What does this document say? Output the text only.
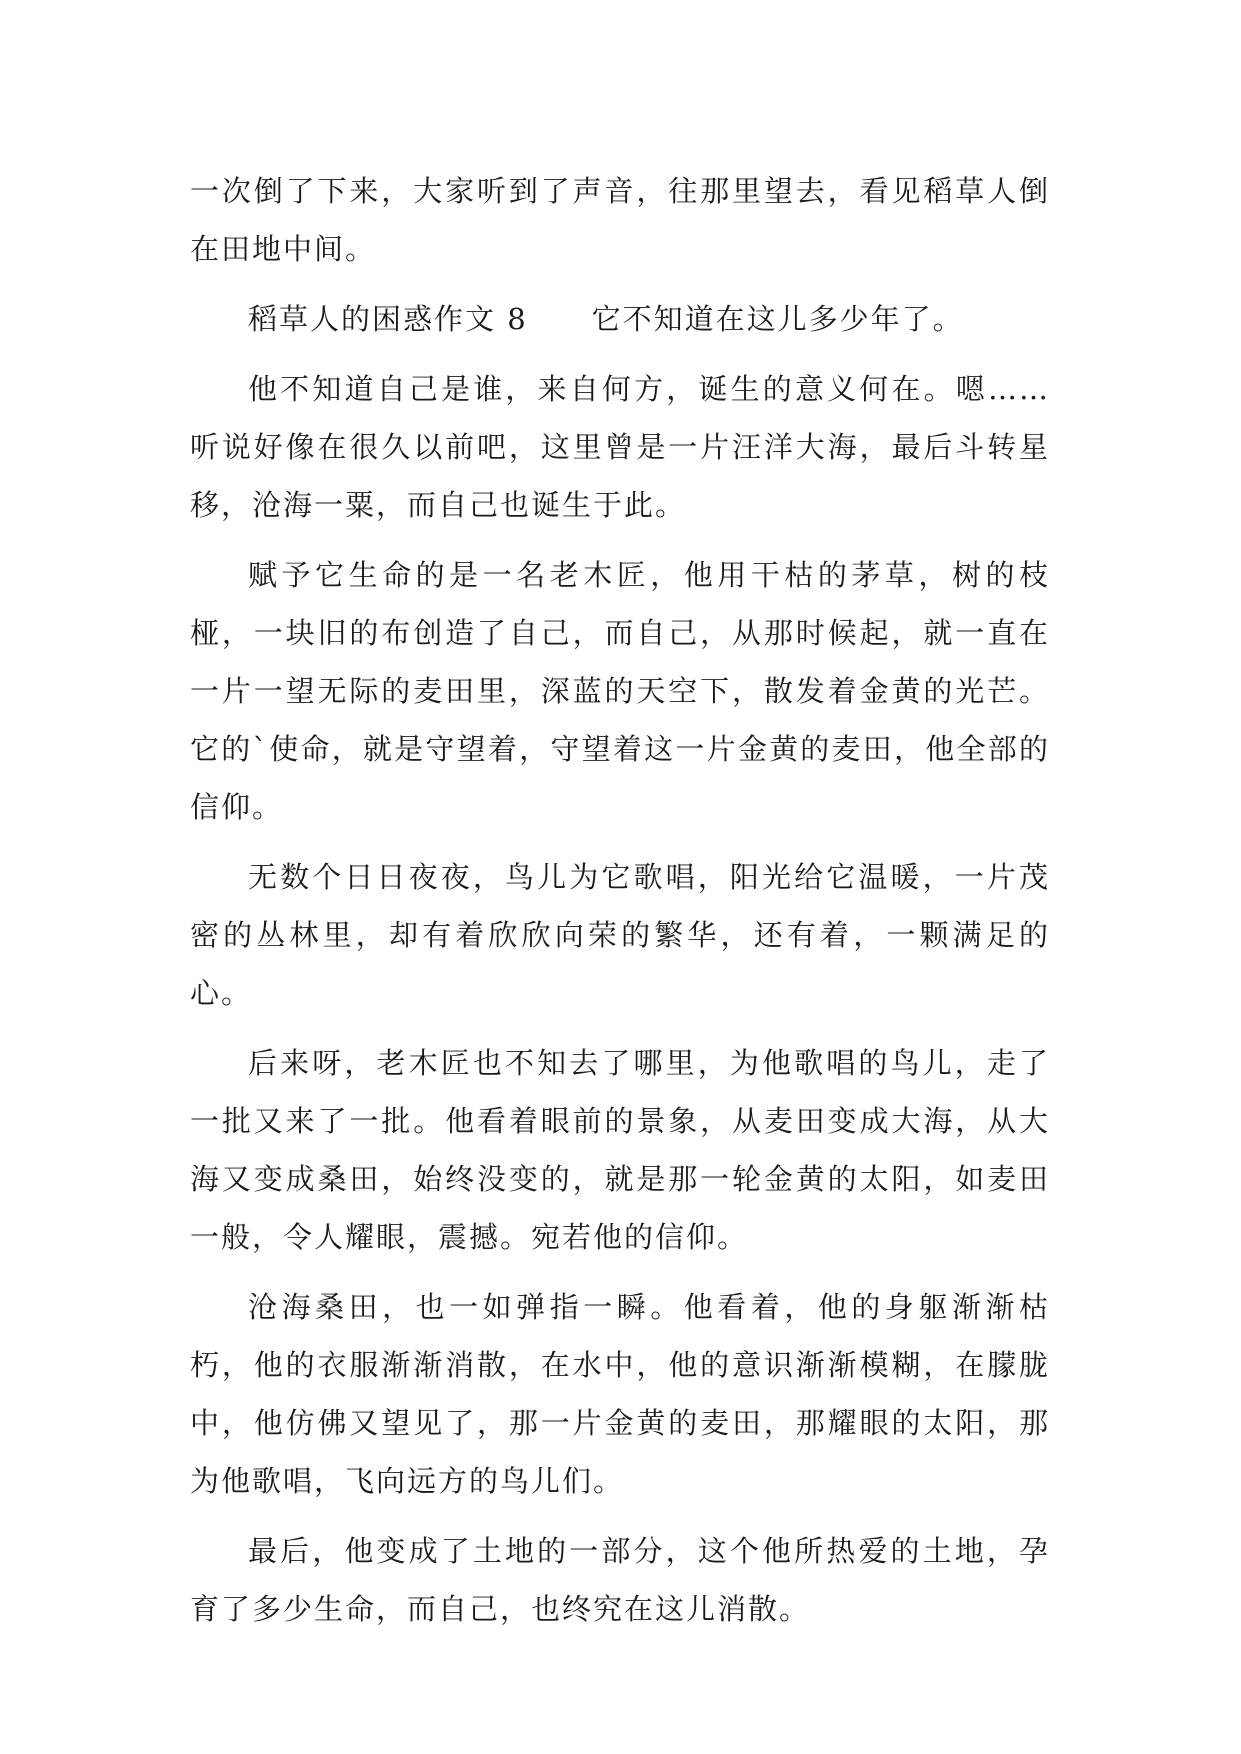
一次倒了下来，大家听到了声音，往那里望去，看见稻草人倒在田地中间。

稻草人的困惑作文 8 它不知道在这儿多少年了。

他不知道自己是谁，来自何方，诞生的意义何在。嗯……听说好像在很久以前吧，这里曾是一片汪洋大海，最后斗转星移，沧海一粟，而自己也诞生于此。

赋予它生命的是一名老木匠，他用干枯的茅草，树的枝桠，一块旧的布创造了自己，而自己，从那时候起，就一直在一片一望无际的麦田里，深蓝的天空下，散发着金黄的光芒。它的`使命，就是守望着，守望着这一片金黄的麦田，他全部的信仰。

无数个日日夜夜，鸟儿为它歌唱，阳光给它温暖，一片茂密的丛林里，却有着欣欣向荣的繁华，还有着，一颗满足的心。

后来呀，老木匠也不知去了哪里，为他歌唱的鸟儿，走了一批又来了一批。他看着眼前的景象，从麦田变成大海，从大海又变成桑田，始终没变的，就是那一轮金黄的太阳，如麦田一般，令人耀眼，震撼。宛若他的信仰。

沧海桑田，也一如弹指一瞬。他看着，他的身躯渐渐枯朽，他的衣服渐渐消散，在水中，他的意识渐渐模糊，在朦胧中，他仿佛又望见了，那一片金黄的麦田，那耀眼的太阳，那为他歌唱，飞向远方的鸟儿们。

最后，他变成了土地的一部分，这个他所热爱的土地，孕育了多少生命，而自己，也终究在这儿消散。
